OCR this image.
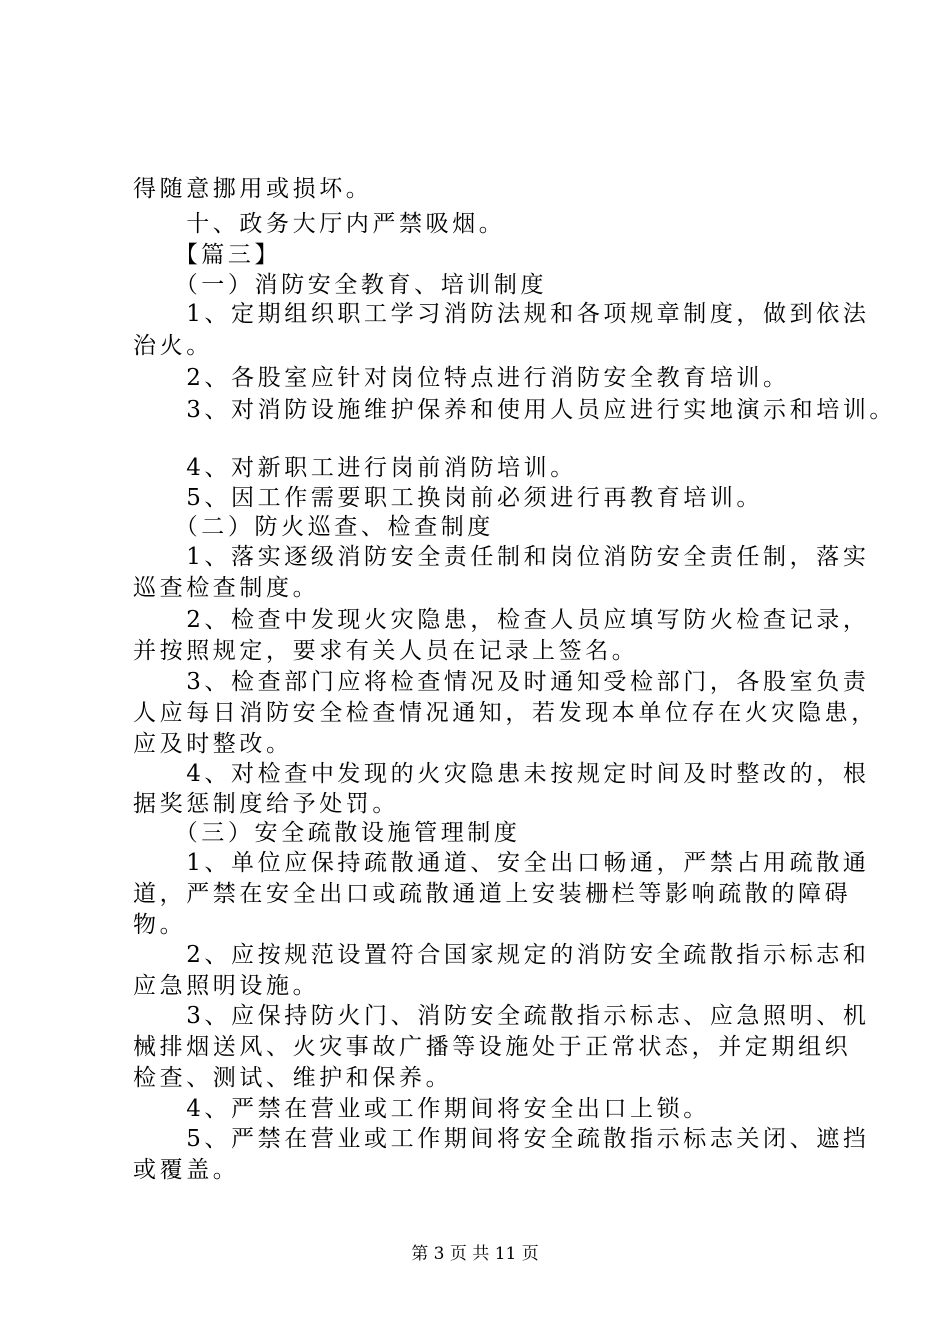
得随意挪用或损坏。
　　十、政务大厅内严禁吸烟。
　　【篇三】
　　（一）消防安全教育、培训制度
　　1、定期组织职工学习消防法规和各项规章制度，做到依法
治火。
　　2、各股室应针对岗位特点进行消防安全教育培训。
　　3、对消防设施维护保养和使用人员应进行实地演示和培训。
　　4、对新职工进行岗前消防培训。
　　5、因工作需要职工换岗前必须进行再教育培训。
　　（二）防火巡查、检查制度
　　1、落实逐级消防安全责任制和岗位消防安全责任制，落实
巡查检查制度。
　　2、检查中发现火灾隐患，检查人员应填写防火检查记录，
并按照规定，要求有关人员在记录上签名。
　　3、检查部门应将检查情况及时通知受检部门，各股室负责
人应每日消防安全检查情况通知，若发现本单位存在火灾隐患，
应及时整改。
　　4、对检查中发现的火灾隐患未按规定时间及时整改的，根
据奖惩制度给予处罚。
　　（三）安全疏散设施管理制度
　　1、单位应保持疏散通道、安全出口畅通，严禁占用疏散通
道，严禁在安全出口或疏散通道上安装栅栏等影响疏散的障碍
物。
　　2、应按规范设置符合国家规定的消防安全疏散指示标志和
应急照明设施。
　　3、应保持防火门、消防安全疏散指示标志、应急照明、机
械排烟送风、火灾事故广播等设施处于正常状态，并定期组织
检查、测试、维护和保养。
　　4、严禁在营业或工作期间将安全出口上锁。
　　5、严禁在营业或工作期间将安全疏散指示标志关闭、遮挡
或覆盖。
第 3 页 共 11 页
